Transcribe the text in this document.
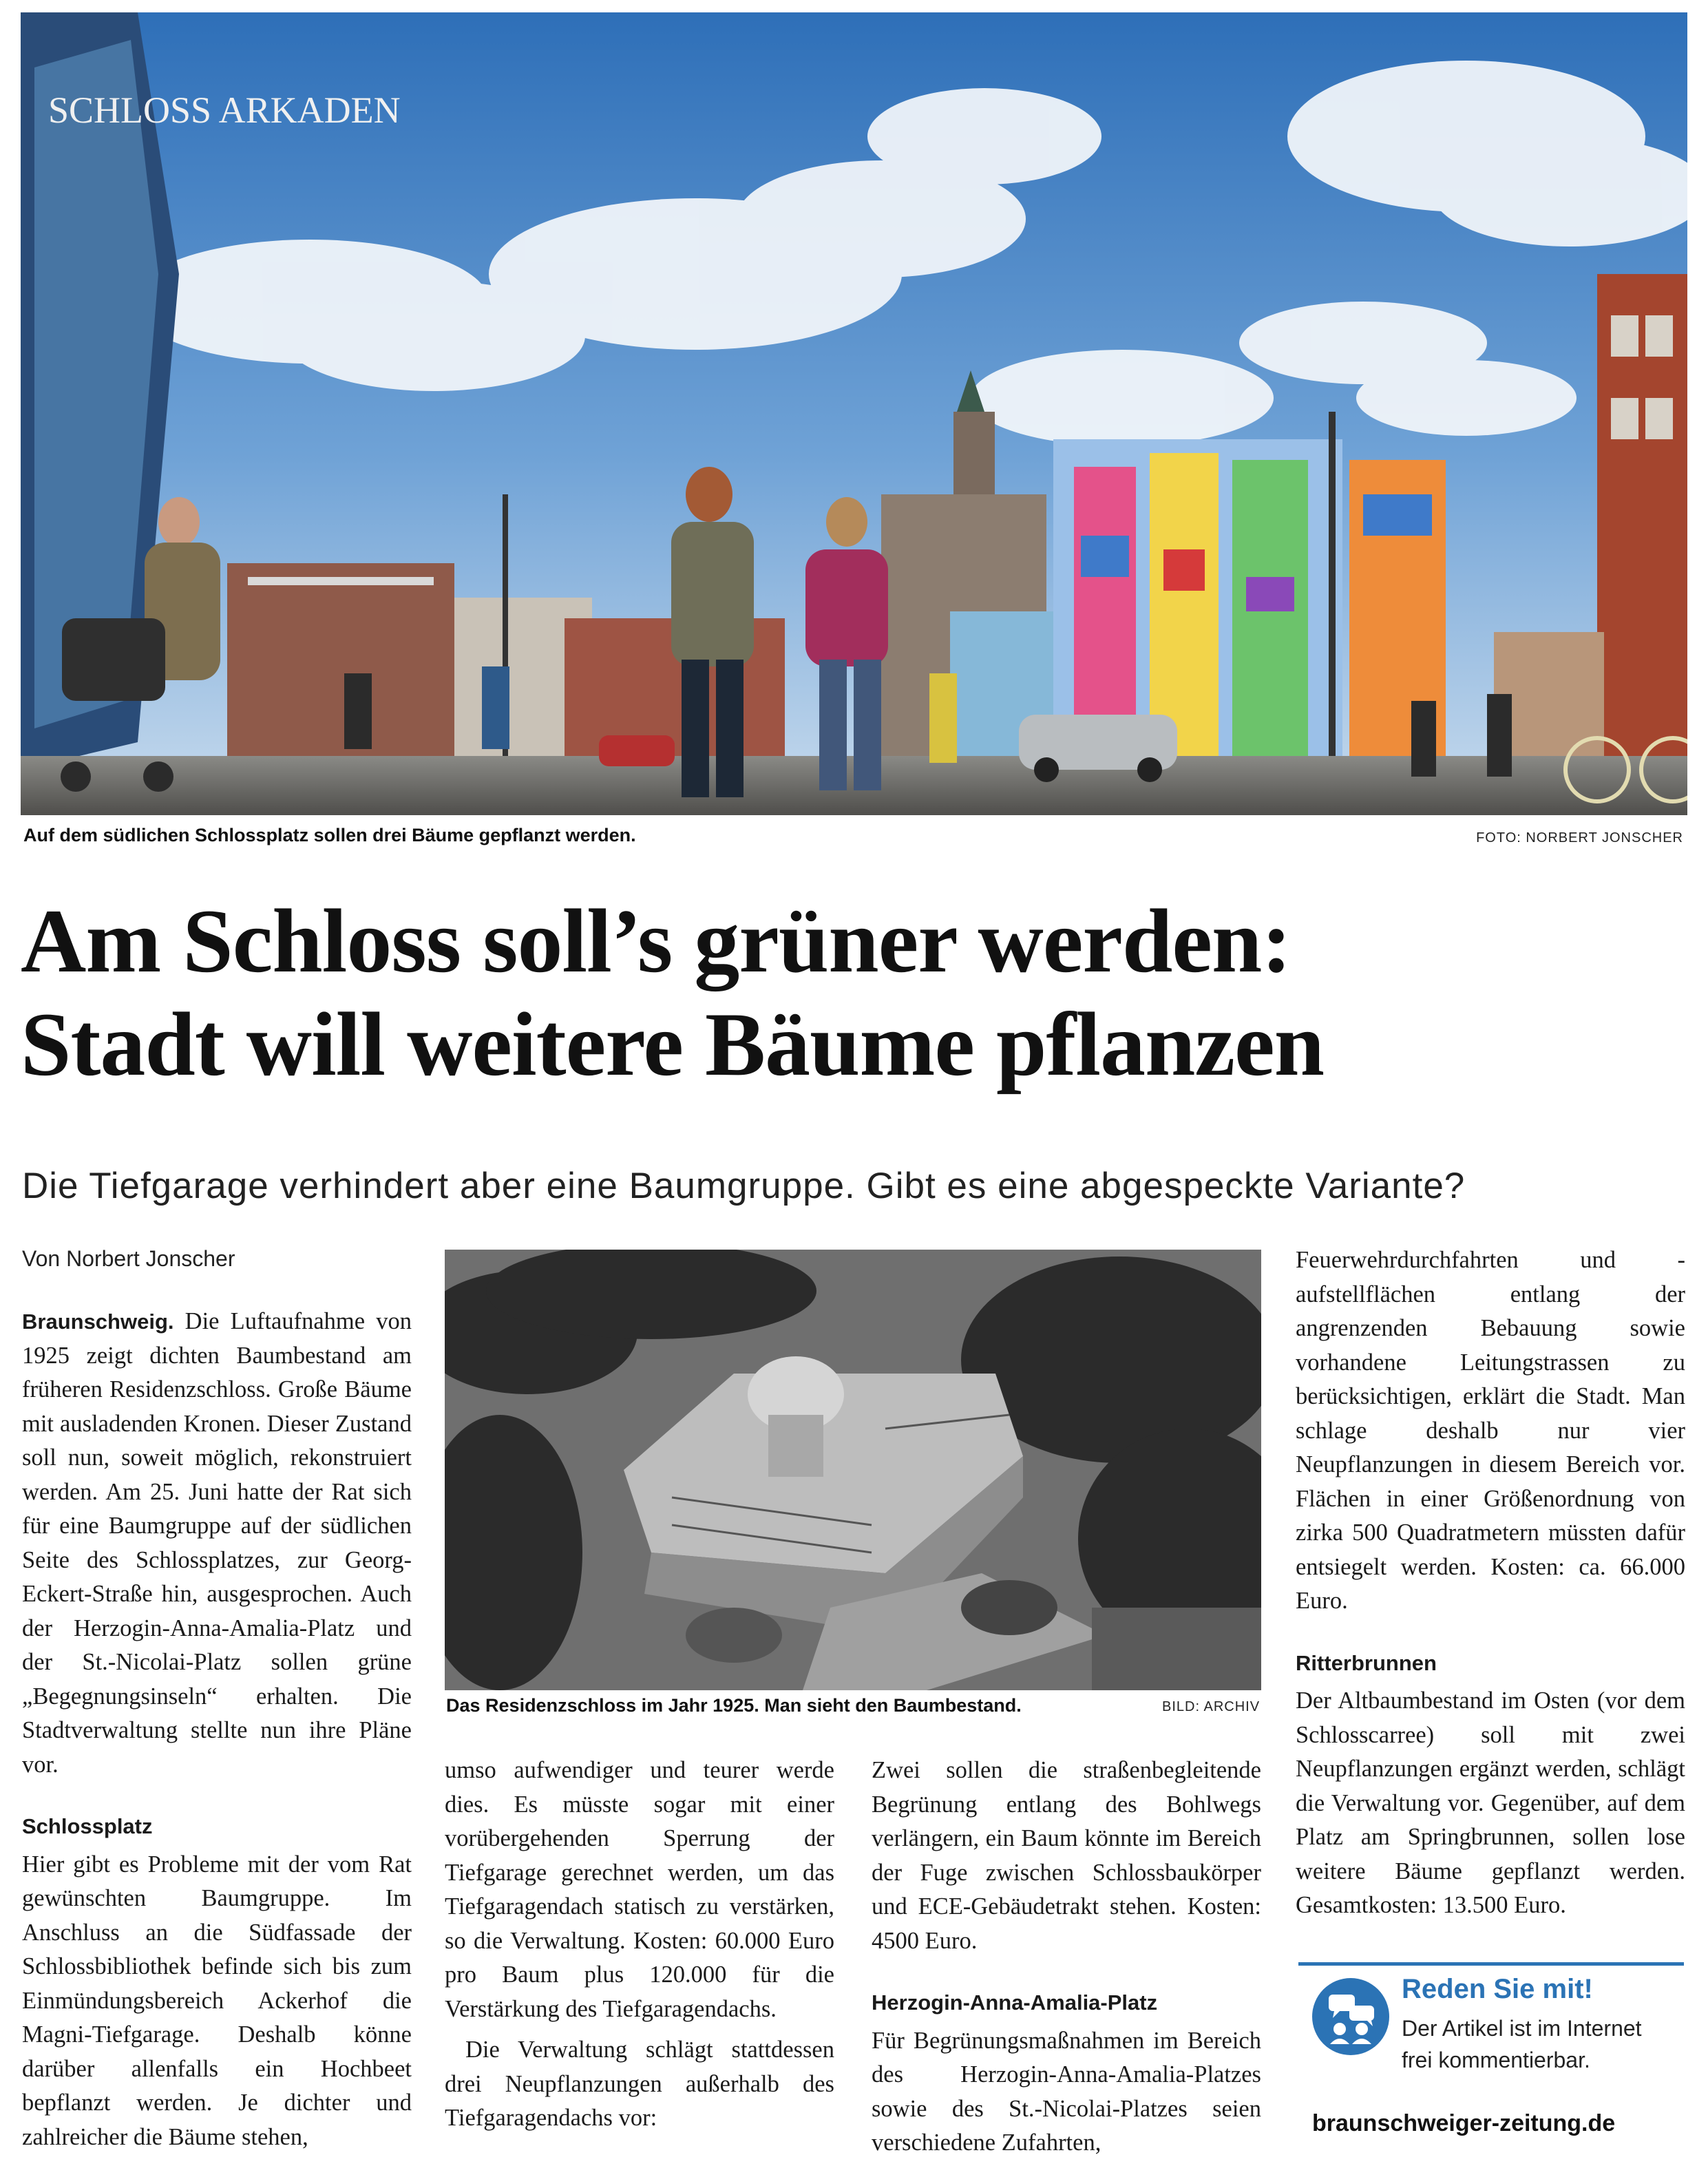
SCHLOSS ARKADEN
Auf dem südlichen Schlossplatz sollen drei Bäume gepflanzt werden.	FOTO: NORBERT JONSCHER
Am Schloss soll’s grüner werden:
Stadt will weitere Bäume pflanzen
Die Tiefgarage verhindert aber eine Baumgruppe. Gibt es eine abgespeckte Variante?
Von Norbert Jonscher

Braunschweig. Die Luftaufnahme von 1925 zeigt dichten Baumbestand am früheren Residenzschloss. Große Bäume mit ausladenden Kronen. Dieser Zustand soll nun, soweit möglich, rekonstruiert werden. Am 25. Juni hatte der Rat sich für eine Baumgruppe auf der südlichen Seite des Schlossplatzes, zur Georg-Eckert-Straße hin, ausgesprochen. Auch der Herzogin-Anna-Amalia-Platz und der St.-Nicolai-Platz sollen grüne „Begegnungsinseln“ erhalten. Die Stadtverwaltung stellte nun ihre Pläne vor.

Schlossplatz

Hier gibt es Probleme mit der vom Rat gewünschten Baumgruppe. Im Anschluss an die Südfassade der Schlossbibliothek befinde sich bis zum Einmündungsbereich Ackerhof die Magni-Tiefgarage. Deshalb könne darüber allenfalls ein Hochbeet bepflanzt werden. Je dichter und zahlreicher die Bäume stehen,

Das Residenzschloss im Jahr 1925. Man sieht den Baumbestand.	BILD: ARCHIV

umso aufwendiger und teurer werde dies. Es müsste sogar mit einer vorübergehenden Sperrung der Tiefgarage gerechnet werden, um das Tiefgaragendach statisch zu verstärken, so die Verwaltung. Kosten: 60.000 Euro pro Baum plus 120.000 für die Verstärkung des Tiefgaragendachs.

Die Verwaltung schlägt stattdessen drei Neupflanzungen außerhalb des Tiefgaragendachs vor:

Zwei sollen die straßenbegleitende Begrünung entlang des Bohlwegs verlängern, ein Baum könnte im Bereich der Fuge zwischen Schlossbaukörper und ECE-Gebäudetrakt stehen. Kosten: 4500 Euro.

Herzogin-Anna-Amalia-Platz

Für Begrünungsmaßnahmen im Bereich des Herzogin-Anna-Amalia-Platzes sowie des St.-Nicolai-Platzes seien verschiedene Zufahrten,

Feuerwehrdurchfahrten und -aufstellflächen entlang der angrenzenden Bebauung sowie vorhandene Leitungstrassen zu berücksichtigen, erklärt die Stadt. Man schlage deshalb nur vier Neupflanzungen in diesem Bereich vor. Flächen in einer Größenordnung von zirka 500 Quadratmetern müssten dafür entsiegelt werden. Kosten: ca. 66.000 Euro.

Ritterbrunnen

Der Altbaumbestand im Osten (vor dem Schlosscarree) soll mit zwei Neupflanzungen ergänzt werden, schlägt die Verwaltung vor. Gegenüber, auf dem Platz am Springbrunnen, sollen lose weitere Bäume gepflanzt werden. Gesamtkosten: 13.500 Euro.

Reden Sie mit!
Der Artikel ist im Internet frei kommentierbar.
braunschweiger-zeitung.de
